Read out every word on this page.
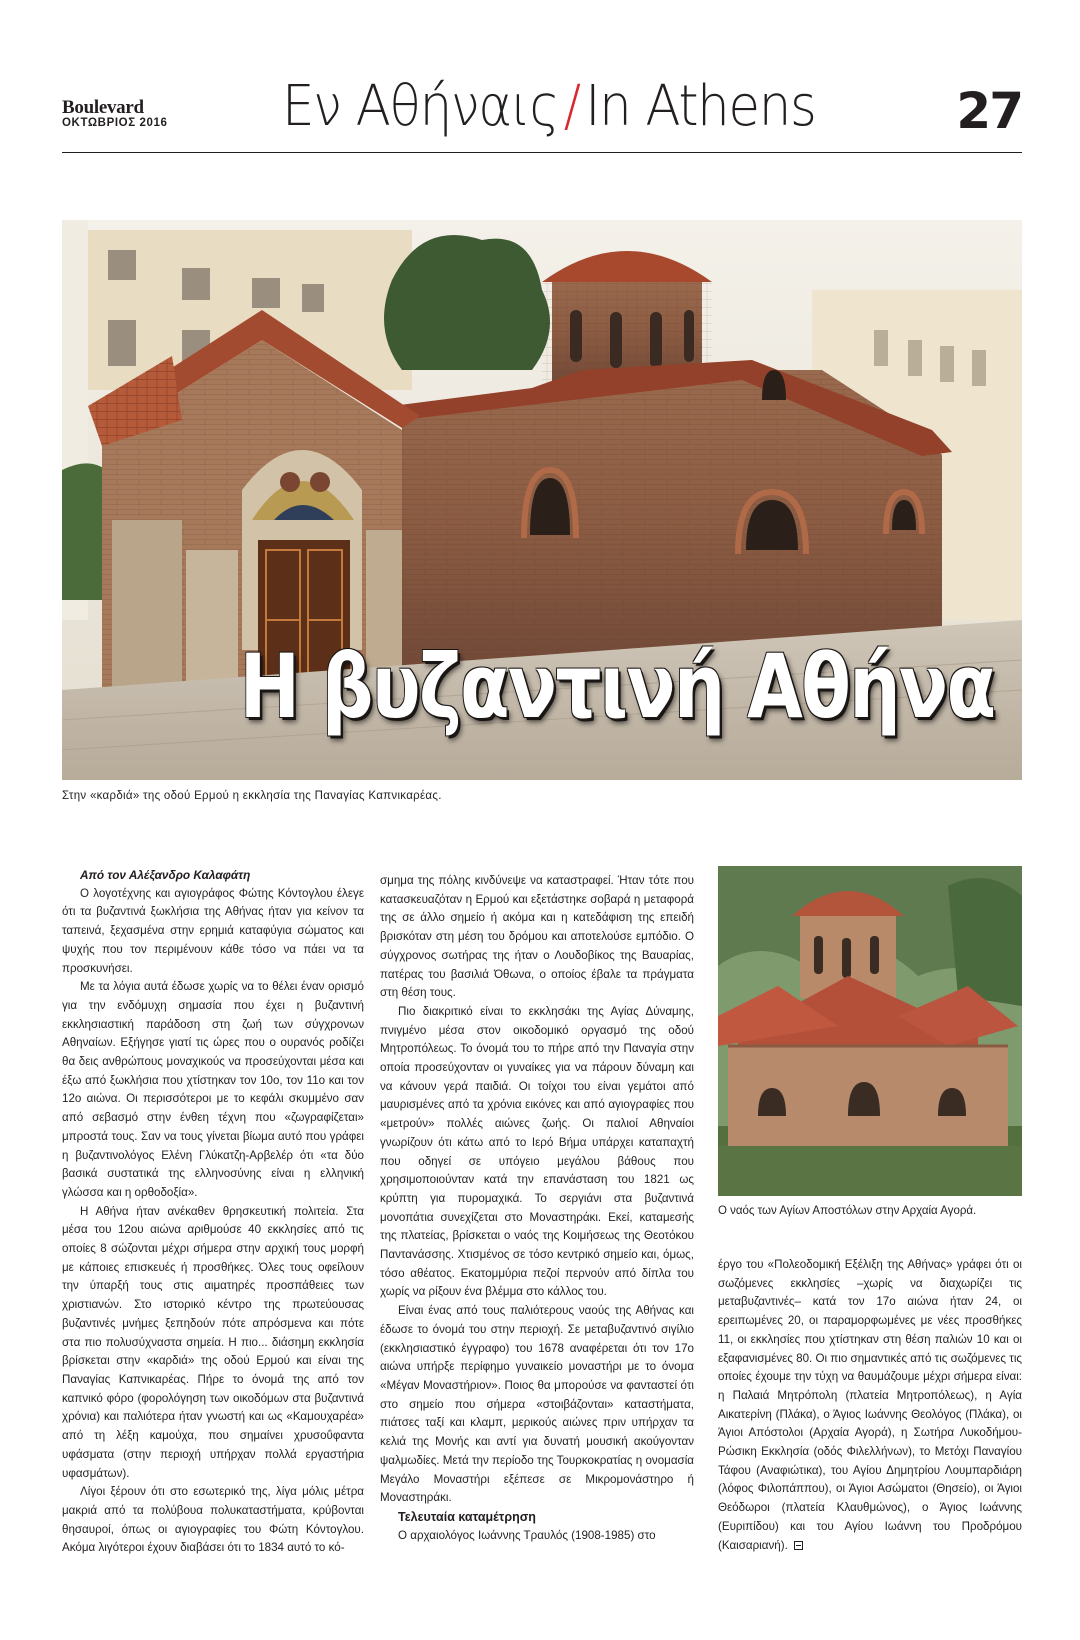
Boulevard
ΟΚΤΩΒΡΙΟΣ 2016 Εν Αθήναις/In Athens	27
Η βυζαντινή Αθήνα
Στην «καρδιά» της οδού Ερμού η εκκλησία της Παναγίας Καπνικαρέας.

Από τον Αλέξανδρο Καλαφάτη

Ο λογοτέχνης και αγιογράφος Φώτης Κόντογλου έλεγε ότι τα βυζαντινά ξωκλήσια της Αθήνας ήταν για κείνον τα ταπεινά, ξεχασμένα στην ερημιά καταφύγια σώματος και ψυχής που τον περιμένουν κάθε τόσο να πάει να τα προσκυνήσει.

Με τα λόγια αυτά έδωσε χωρίς να το θέλει έναν ορισμό για την ενδόμυχη σημασία που έχει η βυζαντινή εκκλησιαστική παράδοση στη ζωή των σύγχρονων Αθηναίων. Εξήγησε γιατί τις ώρες που ο ουρανός ροδίζει θα δεις ανθρώπους μοναχικούς να προσεύχονται μέσα και έξω από ξωκλήσια που χτίστηκαν τον 10ο, τον 11ο και τον 12ο αιώνα. Οι περισσότεροι με το κεφάλι σκυμμένο σαν από σεβασμό στην ένθεη τέχνη που «ζωγραφίζεται» μπροστά τους. Σαν να τους γίνεται βίωμα αυτό που γράφει η βυζαντινολόγος Ελένη Γλύκατζη-Αρβελέρ ότι «τα δύο βασικά συστατικά της ελληνοσύνης είναι η ελληνική γλώσσα και η ορθοδοξία».

Η Αθήνα ήταν ανέκαθεν θρησκευτική πολιτεία. Στα μέσα του 12ου αιώνα αριθμούσε 40 εκκλησίες από τις οποίες 8 σώζονται μέχρι σήμερα στην αρχική τους μορφή με κάποιες επισκευές ή προσθήκες. Όλες τους οφείλουν την ύπαρξή τους στις αιματηρές προσπάθειες των χριστιανών. Στο ιστορικό κέντρο της πρωτεύουσας βυζαντινές μνήμες ξεπηδούν πότε απρόσμενα και πότε στα πιο πολυσύχναστα σημεία. Η πιο... διάσημη εκκλησία βρίσκεται στην «καρδιά» της οδού Ερμού και είναι της Παναγίας Καπνικαρέας. Πήρε το όνομά της από τον καπνικό φόρο (φορολόγηση των οικοδόμων στα βυζαντινά χρόνια) και παλιότερα ήταν γνωστή και ως «Καμουχαρέα» από τη λέξη καμούχα, που σημαίνει χρυσοΰφαντα υφάσματα (στην περιοχή υπήρχαν πολλά εργαστήρια υφασμάτων).

Λίγοι ξέρουν ότι στο εσωτερικό της, λίγα μόλις μέτρα μακριά από τα πολύβουα πολυκαταστήματα, κρύβονται θησαυροί, όπως οι αγιογραφίες του Φώτη Κόντογλου. Ακόμα λιγότεροι έχουν διαβάσει ότι το 1834 αυτό το κό-

σμημα της πόλης κινδύνεψε να καταστραφεί. Ήταν τότε που κατασκευαζόταν η Ερμού και εξετάστηκε σοβαρά η μεταφορά της σε άλλο σημείο ή ακόμα και η κατεδάφιση της επειδή βρισκόταν στη μέση του δρόμου και αποτελούσε εμπόδιο. Ο σύγχρονος σωτήρας της ήταν ο Λουδοβίκος της Βαυαρίας, πατέρας του βασιλιά Όθωνα, ο οποίος έβαλε τα πράγματα στη θέση τους.

Πιο διακριτικό είναι το εκκλησάκι της Αγίας Δύναμης, πνιγμένο μέσα στον οικοδομικό οργασμό της οδού Μητροπόλεως. Το όνομά του το πήρε από την Παναγία στην οποία προσεύχονταν οι γυναίκες για να πάρουν δύναμη και να κάνουν γερά παιδιά. Οι τοίχοι του είναι γεμάτοι από μαυρισμένες από τα χρόνια εικόνες και από αγιογραφίες που «μετρούν» πολλές αιώνες ζωής. Οι παλιοί Αθηναίοι γνωρίζουν ότι κάτω από το Ιερό Βήμα υπάρχει καταπαχτή που οδηγεί σε υπόγειο μεγάλου βάθους που χρησιμοποιούνταν κατά την επανάσταση του 1821 ως κρύπτη για πυρομαχικά. Το σεργιάνι στα βυζαντινά μονοπάτια συνεχίζεται στο Μοναστηράκι. Εκεί, καταμεσής της πλατείας, βρίσκεται ο ναός της Κοιμήσεως της Θεοτόκου Πανταvάσσης. Χτισμένος σε τόσο κεντρικό σημείο και, όμως, τόσο αθέατος. Εκατομμύρια πεζοί περνούν από δίπλα του χωρίς να ρίξουν ένα βλέμμα στο κάλλος του.

Είναι ένας από τους παλιότερους ναούς της Αθήνας και έδωσε το όνομά του στην περιοχή. Σε μεταβυζαντινό σιγίλιο (εκκλησιαστικό έγγραφο) του 1678 αναφέρεται ότι τον 17ο αιώνα υπήρξε περίφημο γυναικείο μοναστήρι με το όνομα «Μέγαν Μοναστήριον». Ποιος θα μπορούσε να φανταστεί ότι στο σημείο που σήμερα «στοιβάζονται» καταστήματα, πιάτσες ταξί και κλαμπ, μερικούς αιώνες πριν υπήρχαν τα κελιά της Μονής και αντί για δυνατή μουσική ακούγονταν ψαλμωδίες. Μετά την περίοδο της Τουρκοκρατίας η ονομασία Μεγάλο Μοναστήρι εξέπεσε σε Μικρομονάστηρο ή Μοναστηράκι.

Τελευταία καταμέτρηση

Ο αρχαιολόγος Ιωάννης Τραυλός (1908-1985) στο

Ο ναός των Αγίων Αποστόλων στην Αρχαία Αγορά.

έργο του «Πολεοδομική Εξέλιξη της Αθήνας» γράφει ότι οι σωζόμενες εκκλησίες –χωρίς να διαχωρίζει τις μεταβυζαντινές– κατά τον 17ο αιώνα ήταν 24, οι ερειπωμένες 20, οι παραμορφωμένες με νέες προσθήκες 11, οι εκκλησίες που χτίστηκαν στη θέση παλιών 10 και οι εξαφανισμένες 80. Οι πιο σημαντικές από τις σωζόμενες τις οποίες έχουμε την τύχη να θαυμάζουμε μέχρι σήμερα είναι: η Παλαιά Μητρόπολη (πλατεία Μητροπόλεως), η Αγία Αικατερίνη (Πλάκα), ο Άγιος Ιωάννης Θεολόγος (Πλάκα), οι Άγιοι Απόστολοι (Αρχαία Αγορά), η Σωτήρα Λυκοδήμου-Ρώσικη Εκκλησία (οδός Φιλελλήνων), το Μετόχι Παναγίου Τάφου (Αναφιώτικα), του Αγίου Δημητρίου Λουμπαρδιάρη (λόφος Φιλοπάππου), οι Άγιοι Ασώματοι (Θησείο), οι Άγιοι Θεόδωροι (πλατεία Κλαυθμώνος), ο Άγιος Ιωάννης (Ευριπίδου) και του Αγίου Ιωάννη του Προδρόμου (Καισαριανή).
